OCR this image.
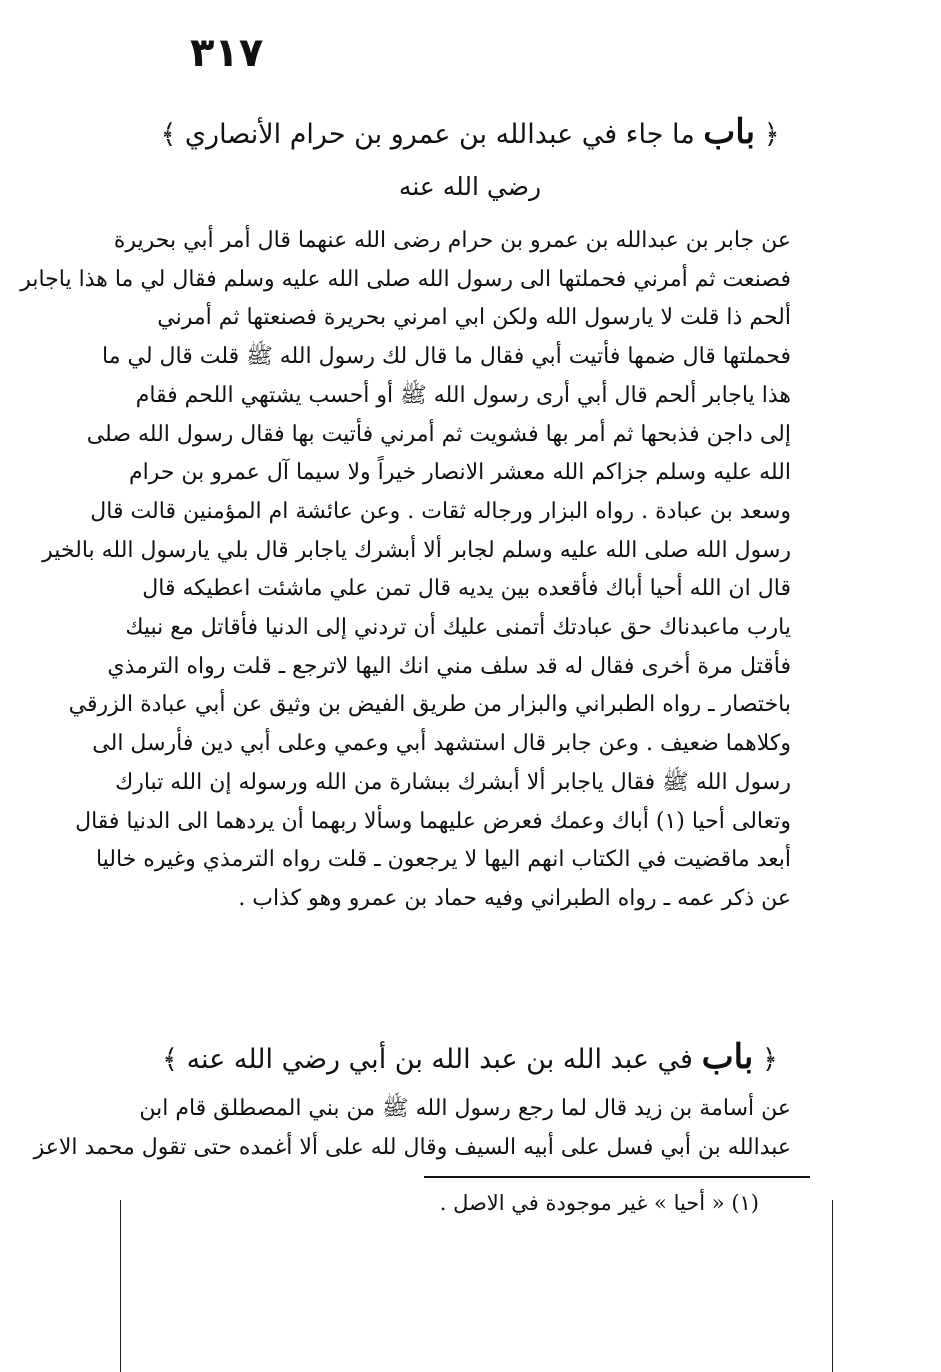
٣١٧
﴿ باب ما جاء في عبدالله بن عمرو بن حرام الأنصاري ﴾
رضي الله عنه
عن جابر بن عبدالله بن عمرو بن حرام رضى الله عنهما قال أمر أبي بحريرة
فصنعت ثم أمرني فحملتها الى رسول الله صلى الله عليه وسلم فقال لي ما هذا ياجابر
ألحم ذا قلت لا يارسول الله ولكن ابي امرني بحريرة فصنعتها ثم أمرني
فحملتها قال ضمها فأتيت أبي فقال ما قال لك رسول الله ﷺ قلت قال لي ما
هذا ياجابر ألحم قال أبي أرى رسول الله ﷺ أو أحسب يشتهي اللحم فقام
إلى داجن فذبحها ثم أمر بها فشويت ثم أمرني فأتيت بها فقال رسول الله صلى
الله عليه وسلم جزاكم الله معشر الانصار خيراً ولا سيما آل عمرو بن حرام
وسعد بن عبادة . رواه البزار ورجاله ثقات . وعن عائشة ام المؤمنين قالت قال
رسول الله صلى الله عليه وسلم لجابر ألا أبشرك ياجابر قال بلي يارسول الله بالخير
قال ان الله أحيا أباك فأقعده بين يديه قال تمن علي ماشئت اعطيكه قال
يارب ماعبدناك حق عبادتك أتمنى عليك أن تردني إلى الدنيا فأقاتل مع نبيك
فأقتل مرة أخرى فقال له قد سلف مني انك اليها لاترجع ـ قلت رواه الترمذي
باختصار ـ رواه الطبراني والبزار من طريق الفيض بن وثيق عن أبي عبادة الزرقي
وكلاهما ضعيف . وعن جابر قال استشهد أبي وعمي وعلى أبي دين فأرسل الى
رسول الله ﷺ فقال ياجابر ألا أبشرك ببشارة من الله ورسوله إن الله تبارك
وتعالى أحيا (١) أباك وعمك فعرض عليهما وسألا ربهما أن يردهما الى الدنيا فقال
أبعد ماقضيت في الكتاب انهم اليها لا يرجعون ـ قلت رواه الترمذي وغيره خاليا
عن ذكر عمه ـ رواه الطبراني وفيه حماد بن عمرو وهو كذاب .
﴿ باب في عبد الله بن عبد الله بن أبي رضي الله عنه ﴾
عن أسامة بن زيد قال لما رجع رسول الله ﷺ من بني المصطلق قام ابن
عبدالله بن أبي فسل على أبيه السيف وقال لله على ألا أغمده حتى تقول محمد الاعز
(١) « أحيا » غير موجودة في الاصل .
